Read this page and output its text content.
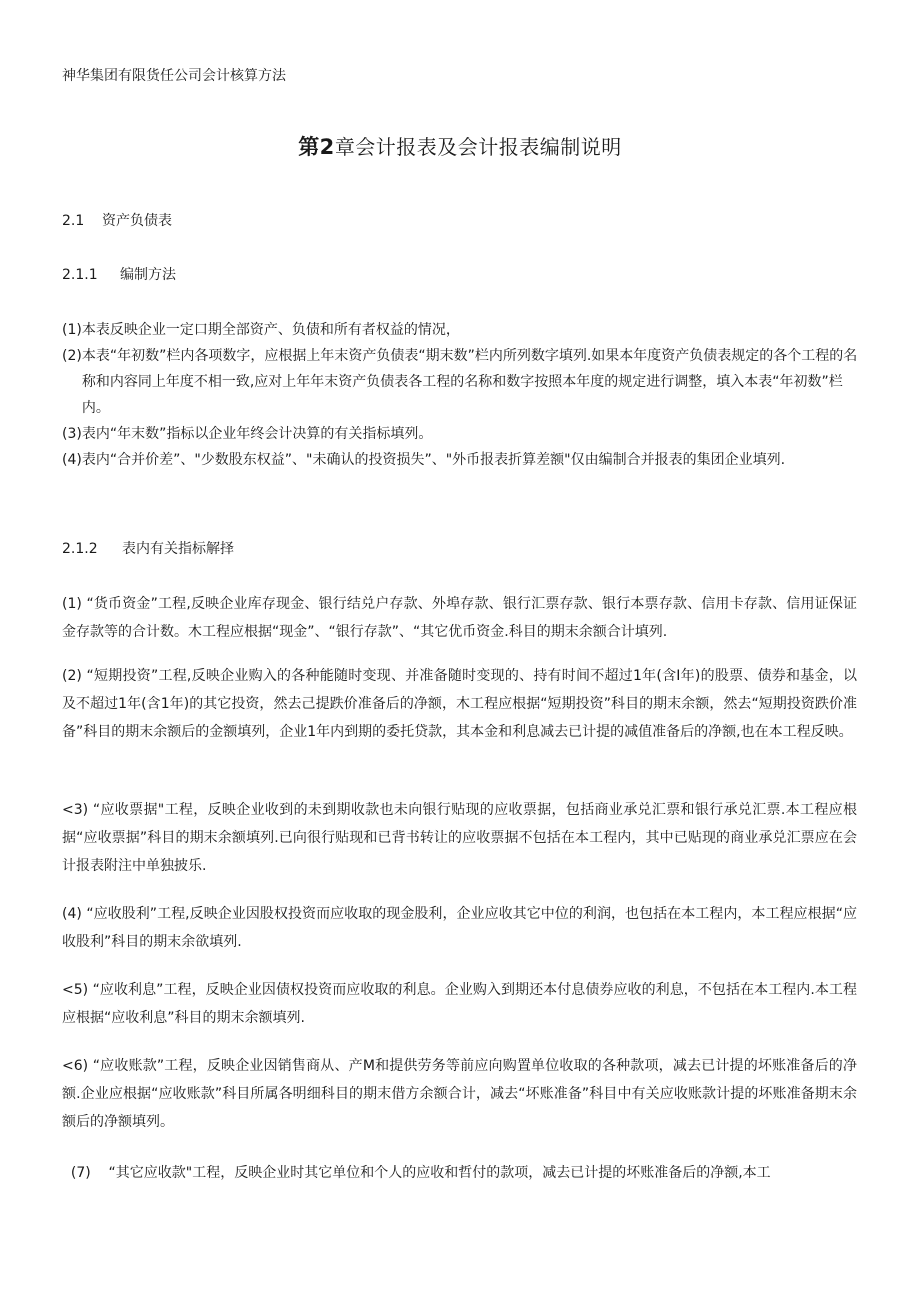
神华集团有限货任公司会计核算方法

第2章会计报表及会计报表编制说明
2.1 资产负债表
2.1.1 编制方法
(1) 本表反映企业一定口期全部资产、负债和所有者权益的情况，
(2) 本表“年初数”栏内各项数字，应根据上年末资产负债表“期末数”栏内所列数字填列.如果本年度资产负债表规定的各个工程的名称和内容同上年度不相一致,应对上年年末资产负债表各工程的名称和数字按照本年度的规定进行调整，填入本表“年初数”栏内。
(3) 表内“年末数”指标以企业年终会计决算的有关指标填列。
(4) 表内“合并价差”、"少数股东权益”、"未确认的投资损失”、"外币报表折算差额"仅由编制合并报表的集团企业填列.
2.1.2 表内有关指标解择

(1) “货币资金”工程,反映企业库存现金、银行结兑户存款、外埠存款、银行汇票存款、银行本票存款、信用卡存款、信用证保证金存款等的合计数。木工程应根据“现金”、“银行存款”、“其它优币资金.科目的期末余额合计填列.

(2) “短期投资”工程,反映企业购入的各种能随时变现、并准备随时变现的、持有时间不超过1年(含I年)的股票、债券和基金，以及不超过1年(含1年)的其它投资，然去己提跌价准备后的净额，木工程应根据“短期投资”科目的期末余额，然去“短期投资跌价准备”科目的期末余额后的金额填列，企业1年内到期的委托贷款，其本金和利息减去已计提的减值准备后的净额,也在本工程反映。

<3) “应收票据"工程，反映企业收到的未到期收款也未向银行贴现的应收票据，包括商业承兑汇票和银行承兑汇票.本工程应根据“应收票据”科目的期末余额填列.已向很行贴现和已背书转让的应收票据不包括在本工程内，其中已贴现的商业承兑汇票应在会计报表附注中单独披乐.

(4) “应收股利”工程,反映企业因股权投资而应收取的现金股利，企业应收其它中位的利润，也包括在本工程内，本工程应根据“应收股利”科目的期末余欲填列.

<5) “应收利息”工程，反映企业因债权投资而应收取的利息。企业购入到期还本付息债券应收的利息，不包括在本工程内.本工程应根据“应收利息”科目的期末余额填列.

<6) “应收账款”工程，反映企业因销售商从、产M和提供劳务等前应向购置单位收取的各种款项，减去已计提的坏账准备后的净额.企业应根据“应收账款”科目所属各明细科目的期末借方余额合计，减去“坏账准备”科目中有关应收账款计提的坏账准备期末余额后的净额填列。

(7)    “其它应收款"工程，反映企业时其它单位和个人的应收和哲付的款项，减去已计提的坏账准备后的净额,本工
